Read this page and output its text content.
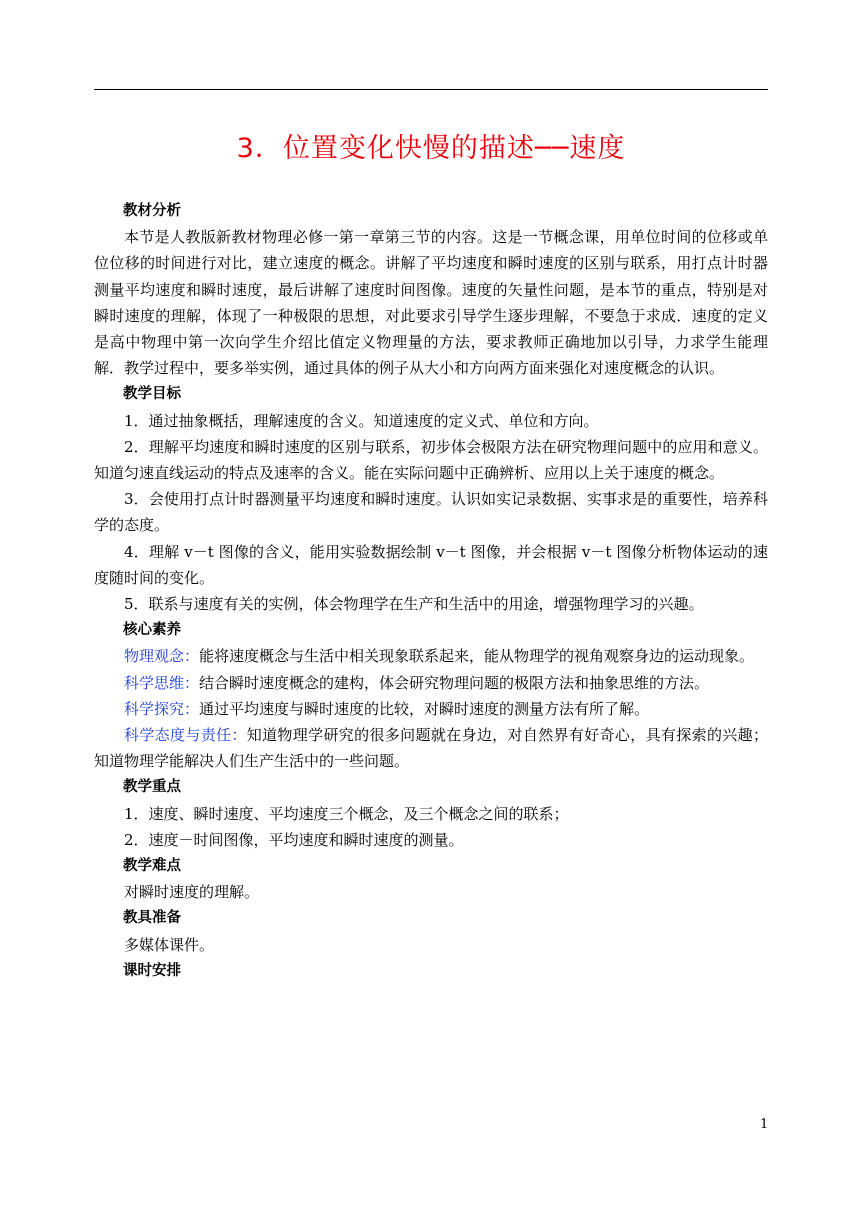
3．位置变化快慢的描述──速度

教材分析

本节是人教版新教材物理必修一第一章第三节的内容。这是一节概念课，用单位时间的位移或单位位移的时间进行对比，建立速度的概念。讲解了平均速度和瞬时速度的区别与联系，用打点计时器测量平均速度和瞬时速度，最后讲解了速度时间图像。速度的矢量性问题，是本节的重点，特别是对瞬时速度的理解，体现了一种极限的思想，对此要求引导学生逐步理解，不要急于求成．速度的定义是高中物理中第一次向学生介绍比值定义物理量的方法，要求教师正确地加以引导，力求学生能理解．教学过程中，要多举实例，通过具体的例子从大小和方向两方面来强化对速度概念的认识。

教学目标

1．通过抽象概括，理解速度的含义。知道速度的定义式、单位和方向。

2．理解平均速度和瞬时速度的区别与联系，初步体会极限方法在研究物理问题中的应用和意义。知道匀速直线运动的特点及速率的含义。能在实际问题中正确辨析、应用以上关于速度的概念。

3．会使用打点计时器测量平均速度和瞬时速度。认识如实记录数据、实事求是的重要性，培养科学的态度。

4．理解 v－t 图像的含义，能用实验数据绘制 v－t 图像，并会根据 v－t 图像分析物体运动的速度随时间的变化。

5．联系与速度有关的实例，体会物理学在生产和生活中的用途，增强物理学习的兴趣。

核心素养

物理观念：能将速度概念与生活中相关现象联系起来，能从物理学的视角观察身边的运动现象。

科学思维：结合瞬时速度概念的建构，体会研究物理问题的极限方法和抽象思维的方法。

科学探究：通过平均速度与瞬时速度的比较，对瞬时速度的测量方法有所了解。

科学态度与责任：知道物理学研究的很多问题就在身边，对自然界有好奇心，具有探索的兴趣；知道物理学能解决人们生产生活中的一些问题。

教学重点

1．速度、瞬时速度、平均速度三个概念，及三个概念之间的联系；

2．速度－时间图像，平均速度和瞬时速度的测量。

教学难点

对瞬时速度的理解。

教具准备

多媒体课件。

课时安排

1
